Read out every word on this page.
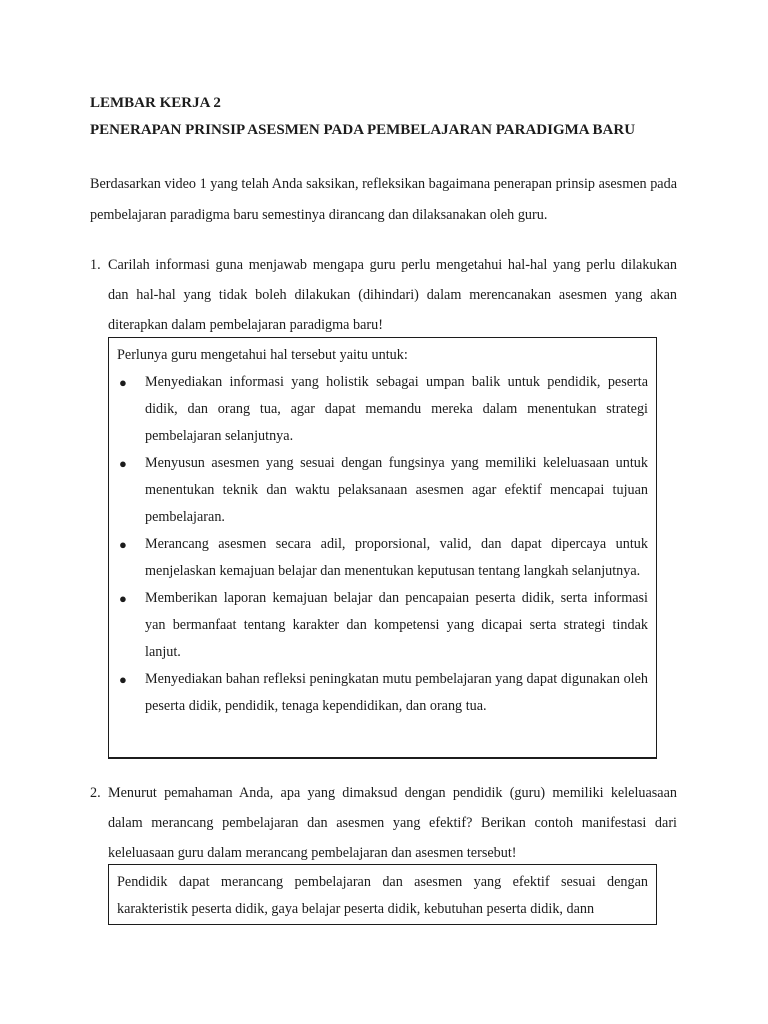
LEMBAR KERJA 2
PENERAPAN PRINSIP ASESMEN PADA PEMBELAJARAN PARADIGMA BARU

Berdasarkan video 1 yang telah Anda saksikan, refleksikan bagaimana penerapan prinsip asesmen pada pembelajaran paradigma baru semestinya dirancang dan dilaksanakan oleh guru.

1. Carilah informasi guna menjawab mengapa guru perlu mengetahui hal-hal yang perlu dilakukan dan hal-hal yang tidak boleh dilakukan (dihindari) dalam merencanakan asesmen yang akan diterapkan dalam pembelajaran paradigma baru!

Perlunya guru mengetahui hal tersebut yaitu untuk:

● Menyediakan informasi yang holistik sebagai umpan balik untuk pendidik, peserta didik, dan orang tua, agar dapat memandu mereka dalam menentukan strategi pembelajaran selanjutnya.
● Menyusun asesmen yang sesuai dengan fungsinya yang memiliki keleluasaan untuk menentukan teknik dan waktu pelaksanaan asesmen agar efektif mencapai tujuan pembelajaran.
● Merancang asesmen secara adil, proporsional, valid, dan dapat dipercaya untuk menjelaskan kemajuan belajar dan menentukan keputusan tentang langkah selanjutnya.
● Memberikan laporan kemajuan belajar dan pencapaian peserta didik, serta informasi yan bermanfaat tentang karakter dan kompetensi yang dicapai serta strategi tindak lanjut.
● Menyediakan bahan refleksi peningkatan mutu pembelajaran yang dapat digunakan oleh peserta didik, pendidik, tenaga kependidikan, dan orang tua.
2. Menurut pemahaman Anda, apa yang dimaksud dengan pendidik (guru) memiliki keleluasaan dalam merancang pembelajaran dan asesmen yang efektif? Berikan contoh manifestasi dari keleluasaan guru dalam merancang pembelajaran dan asesmen tersebut!

Pendidik dapat merancang pembelajaran dan asesmen yang efektif sesuai dengan karakteristik peserta didik, gaya belajar peserta didik, kebutuhan peserta didik, dann
